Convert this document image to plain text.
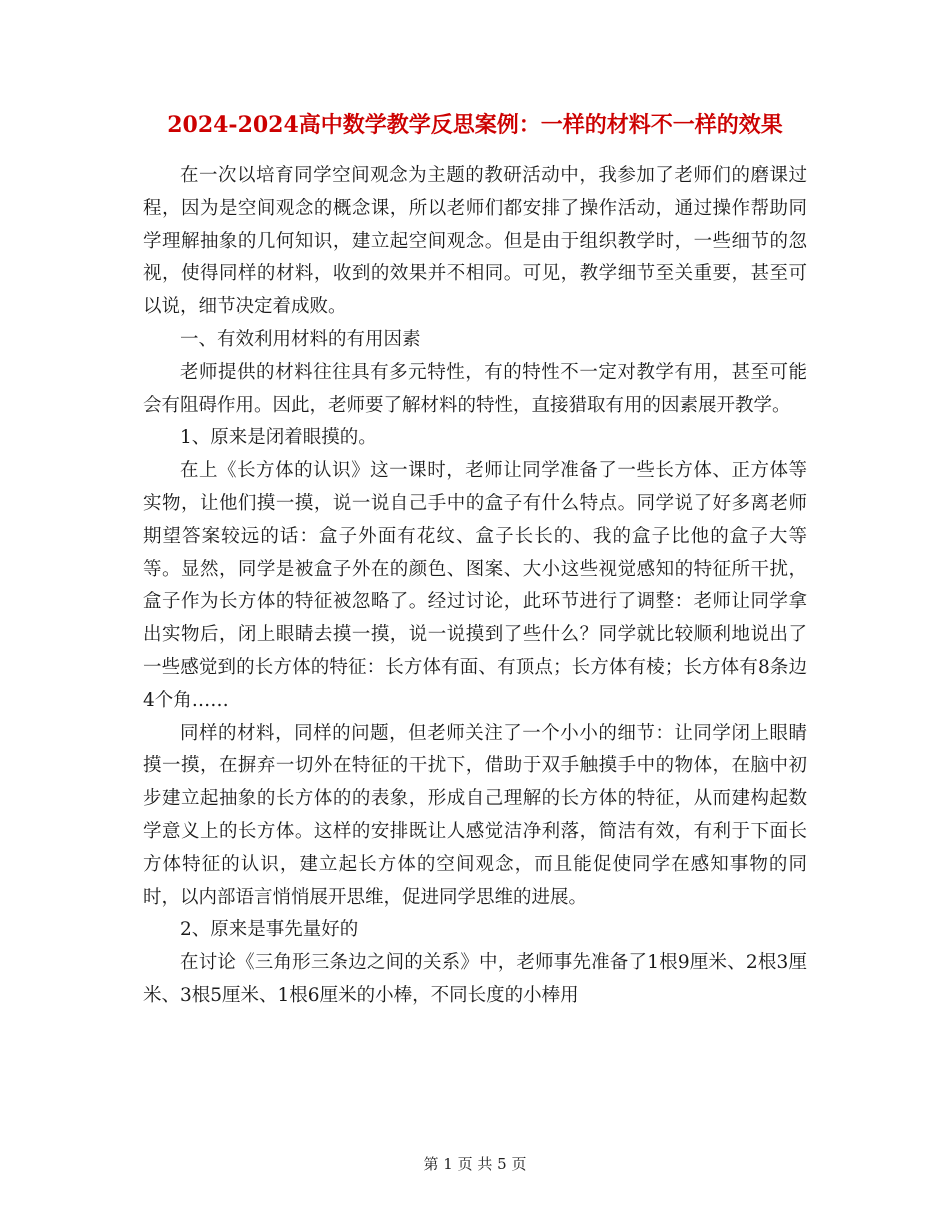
2024-2024高中数学教学反思案例：一样的材料不一样的效果

在一次以培育同学空间观念为主题的教研活动中，我参加了老师们的磨课过程，因为是空间观念的概念课，所以老师们都安排了操作活动，通过操作帮助同学理解抽象的几何知识，建立起空间观念。但是由于组织教学时，一些细节的忽视，使得同样的材料，收到的效果并不相同。可见，教学细节至关重要，甚至可以说，细节决定着成败。

一、有效利用材料的有用因素

老师提供的材料往往具有多元特性，有的特性不一定对教学有用，甚至可能会有阻碍作用。因此，老师要了解材料的特性，直接猎取有用的因素展开教学。

1、原来是闭着眼摸的。

在上《长方体的认识》这一课时，老师让同学准备了一些长方体、正方体等实物，让他们摸一摸，说一说自己手中的盒子有什么特点。同学说了好多离老师期望答案较远的话：盒子外面有花纹、盒子长长的、我的盒子比他的盒子大等等。显然，同学是被盒子外在的颜色、图案、大小这些视觉感知的特征所干扰，盒子作为长方体的特征被忽略了。经过讨论，此环节进行了调整：老师让同学拿出实物后，闭上眼睛去摸一摸，说一说摸到了些什么？同学就比较顺利地说出了一些感觉到的长方体的特征：长方体有面、有顶点；长方体有棱；长方体有8条边4个角……

同样的材料，同样的问题，但老师关注了一个小小的细节：让同学闭上眼睛摸一摸，在摒弃一切外在特征的干扰下，借助于双手触摸手中的物体，在脑中初步建立起抽象的长方体的的表象，形成自己理解的长方体的特征，从而建构起数学意义上的长方体。这样的安排既让人感觉洁净利落，简洁有效，有利于下面长方体特征的认识，建立起长方体的空间观念，而且能促使同学在感知事物的同时，以内部语言悄悄展开思维，促进同学思维的进展。

2、原来是事先量好的

在讨论《三角形三条边之间的关系》中，老师事先准备了1根9厘米、2根3厘米、3根5厘米、1根6厘米的小棒，不同长度的小棒用

第 1 页 共 5 页
